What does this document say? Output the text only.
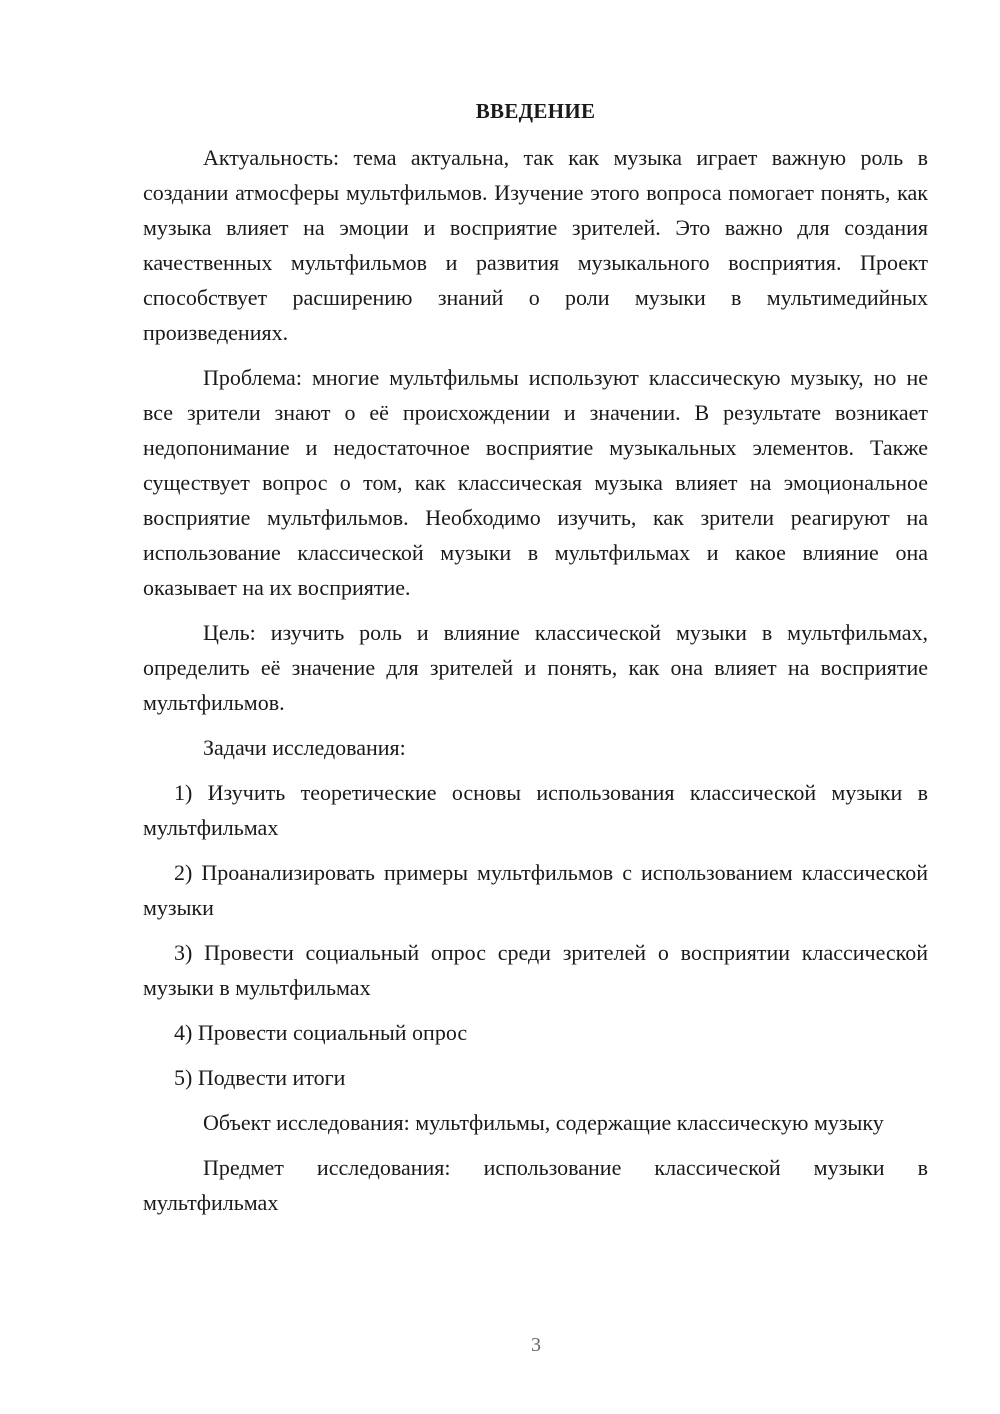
ВВЕДЕНИЕ

Актуальность: тема актуальна, так как музыка играет важную роль в создании атмосферы мультфильмов. Изучение этого вопроса помогает понять, как музыка влияет на эмоции и восприятие зрителей. Это важно для создания качественных мультфильмов и развития музыкального восприятия. Проект способствует расширению знаний о роли музыки в мультимедийных произведениях.

Проблема: многие мультфильмы используют классическую музыку, но не все зрители знают о её происхождении и значении. В результате возникает недопонимание и недостаточное восприятие музыкальных элементов. Также существует вопрос о том, как классическая музыка влияет на эмоциональное восприятие мультфильмов. Необходимо изучить, как зрители реагируют на использование классической музыки в мультфильмах и какое влияние она оказывает на их восприятие.

Цель: изучить роль и влияние классической музыки в мультфильмах, определить её значение для зрителей и понять, как она влияет на восприятие мультфильмов.

Задачи исследования:

1) Изучить теоретические основы использования классической музыки в мультфильмах

2) Проанализировать примеры мультфильмов с использованием классической музыки

3) Провести социальный опрос среди зрителей о восприятии классической музыки в мультфильмах

4) Провести социальный опрос

5) Подвести итоги

Объект исследования: мультфильмы, содержащие классическую музыку

Предмет исследования: использование классической музыки в мультфильмах

3
